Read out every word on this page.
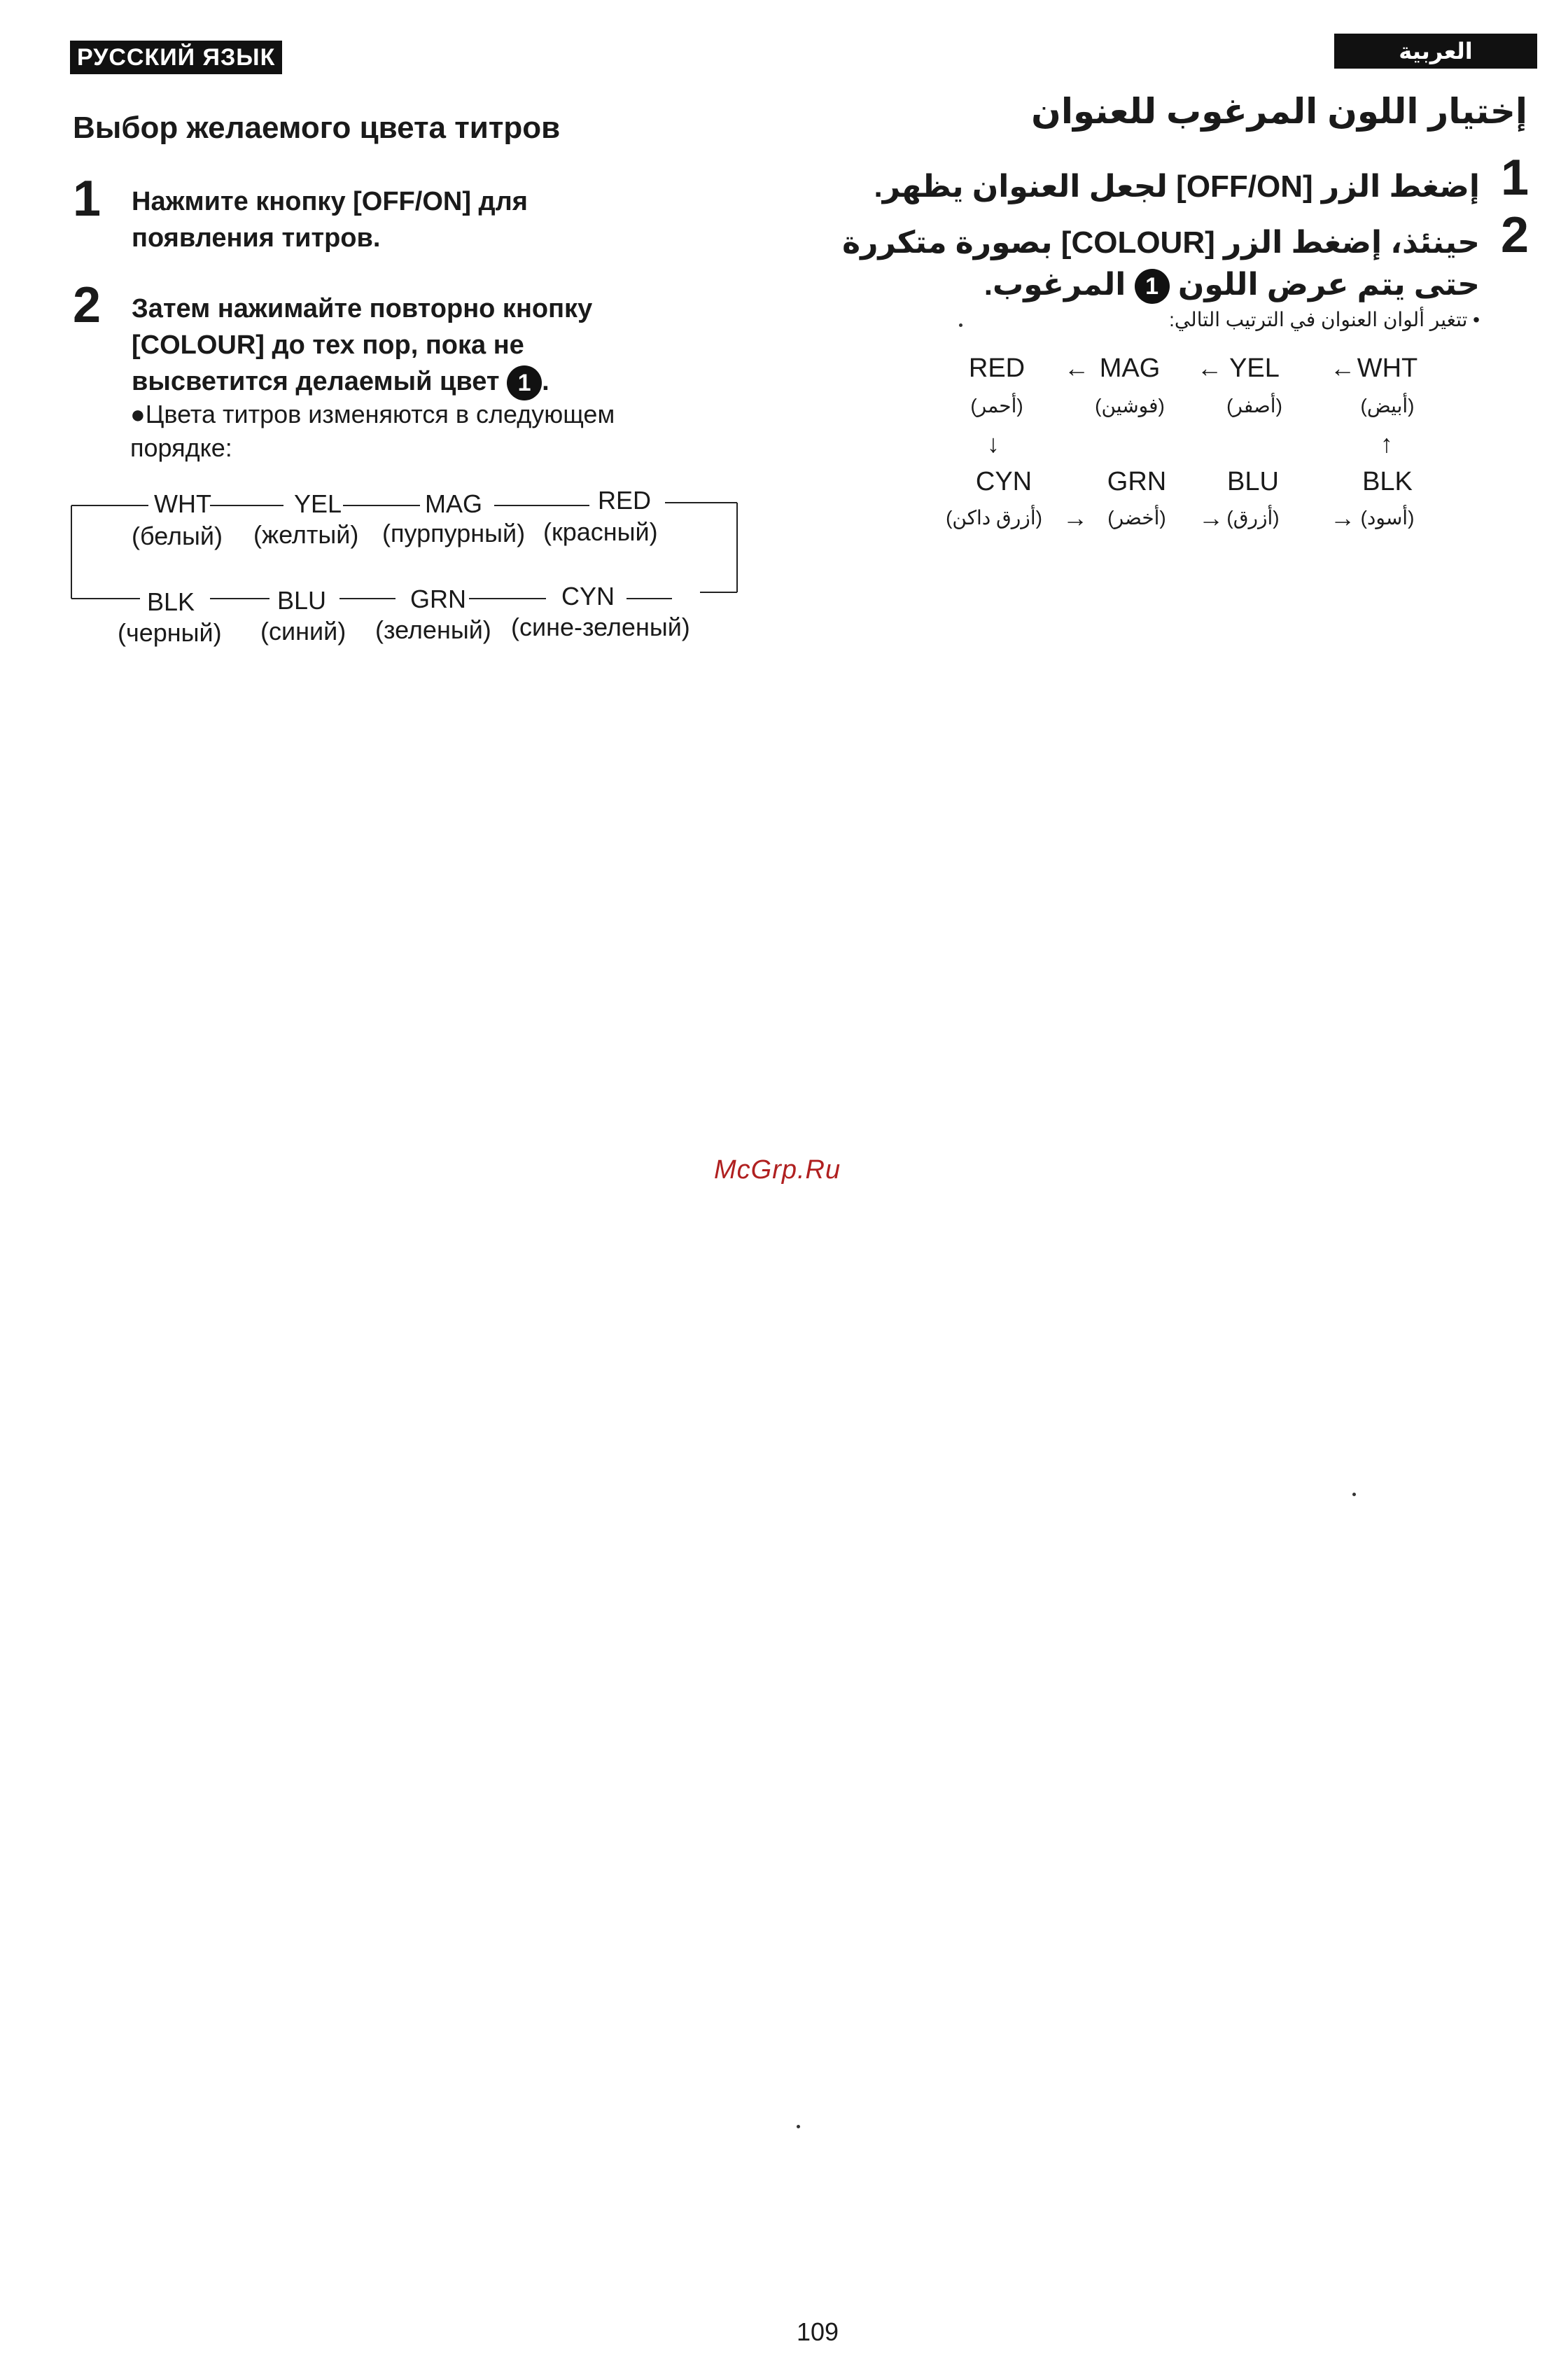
РУССКИЙ ЯЗЫК	العربية
Выбор желаемого цвета титров
1 Нажмите кнопку [OFF/ON] для появления титров.
2 Затем нажимайте повторно кнопку
[COLOUR] до тех пор, пока не
высветится делаемый цвет 1 .
●Цвета титров изменяются в следующем порядке:
WHT	YEL	MAG	RED
(белый) (желтый) (пурпурный) (красный)
BLK	BLU	GRN	CYN
(черный) (синий) (зеленый) (сине-зеленый)
إختيار اللون المرغوب للعنوان
1
إضغط الزر [OFF/ON] لجعل العنوان يظهر.
2
حينئذ، إضغط الزر [COLOUR] بصورة متكررة
حتى يتم عرض اللون 1 المرغوب.
• تتغير ألوان العنوان في الترتيب التالي:
RED	← MAG	← YEL	← WHT
(أحمر)	(فوشين)	(أصفر)	(أبيض)
↓	↑
CYN	GRN	BLU	BLK
(أزرق داكن) →	(أخضر)	→ (أزرق)	→ (أسود)
McGrp.Ru
109
